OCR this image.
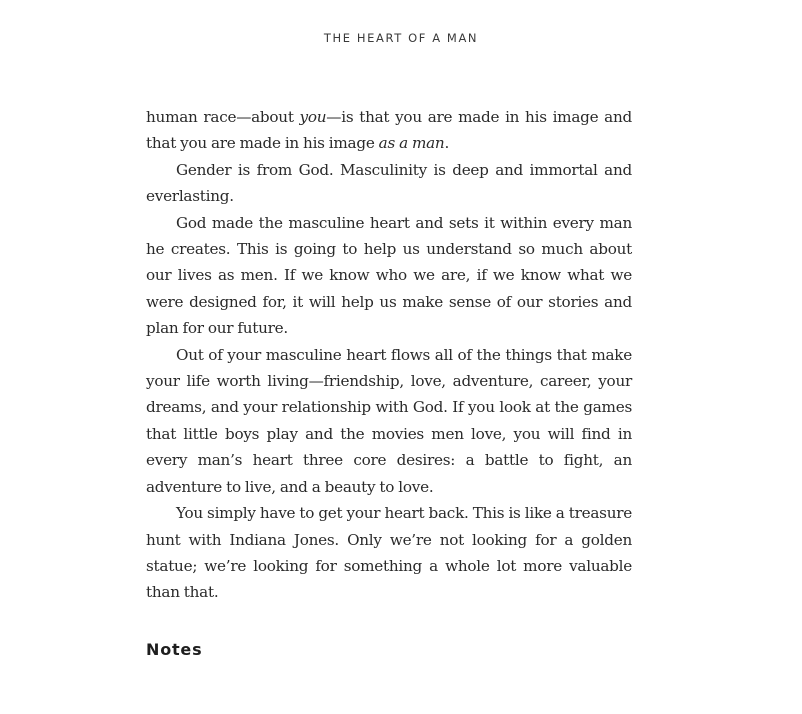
THE HEART OF A MAN

human race—about you—is that you are made in his image and that you are made in his image as a man.

Gender is from God. Masculinity is deep and immortal and everlasting.

God made the masculine heart and sets it within every man he creates. This is going to help us understand so much about our lives as men. If we know who we are, if we know what we were designed for, it will help us make sense of our stories and plan for our future.

Out of your masculine heart flows all of the things that make your life worth living—friendship, love, adventure, career, your dreams, and your relationship with God. If you look at the games that little boys play and the movies men love, you will find in every man’s heart three core desires: a battle to fight, an adventure to live, and a beauty to love.

You simply have to get your heart back. This is like a treasure hunt with Indiana Jones. Only we’re not looking for a golden statue; we’re looking for something a whole lot more valuable than that.

Notes
